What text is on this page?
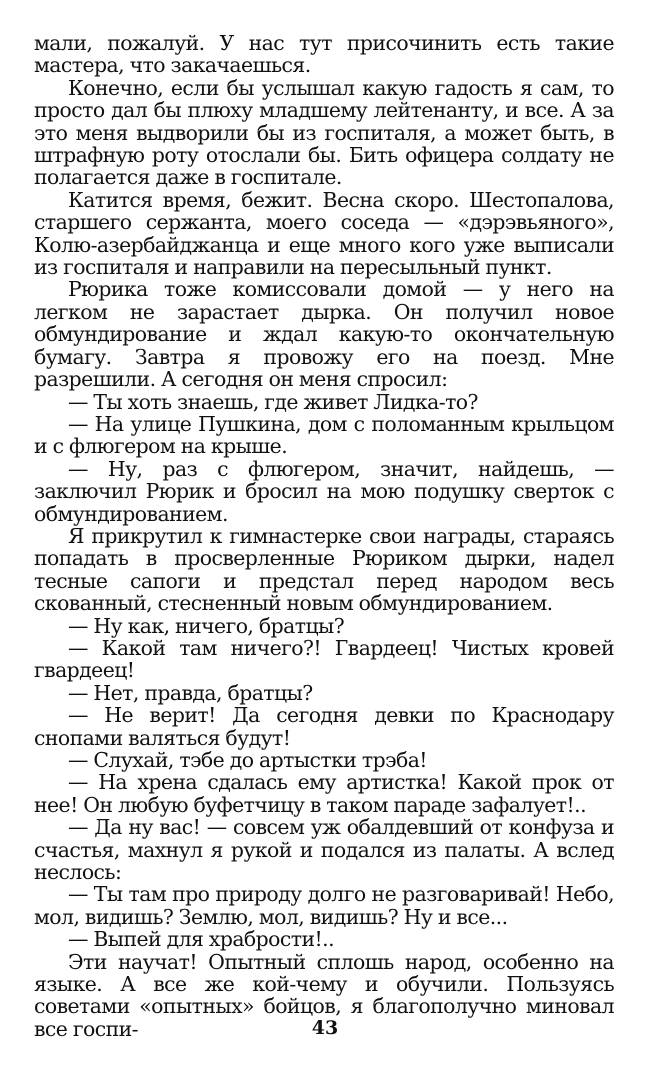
мали, пожалуй. У нас тут присочинить есть такие мастера, что закачаешься.

Конечно, если бы услышал какую гадость я сам, то просто дал бы плюху младшему лейтенанту, и все. А за это меня выдворили бы из госпиталя, а может быть, в штрафную роту отослали бы. Бить офицера солдату не полагается даже в госпитале.

Катится время, бежит. Весна скоро. Шестопалова, старшего сержанта, моего соседа — «дэрэвьяного», Колю-азербайджанца и еще много кого уже выписали из госпиталя и направили на пересыльный пункт.

Рюрика тоже комиссовали домой — у него на легком не зарастает дырка. Он получил новое обмундирование и ждал какую-то окончательную бумагу. Завтра я провожу его на поезд. Мне разрешили. А сегодня он меня спросил:

— Ты хоть знаешь, где живет Лидка-то?

— На улице Пушкина, дом с поломанным крыльцом и с флюгером на крыше.

— Ну, раз с флюгером, значит, найдешь, — заключил Рюрик и бросил на мою подушку сверток с обмундированием.

Я прикрутил к гимнастерке свои награды, стараясь попадать в просверленные Рюриком дырки, надел тесные сапоги и предстал перед народом весь скованный, стесненный новым обмундированием.

— Ну как, ничего, братцы?

— Какой там ничего?! Гвардеец! Чистых кровей гвардеец!

— Нет, правда, братцы?

— Не верит! Да сегодня девки по Краснодару снопами валяться будут!

— Слухай, тэбе до артыстки трэба!

— На хрена сдалась ему артистка! Какой прок от нее! Он любую буфетчицу в таком параде зафалует!..

— Да ну вас! — совсем уж обалдевший от конфуза и счастья, махнул я рукой и подался из палаты. А вслед неслось:

— Ты там про природу долго не разговаривай! Небо, мол, видишь? Землю, мол, видишь? Ну и все...

— Выпей для храбрости!..

Эти научат! Опытный сплошь народ, особенно на языке. А все же кой-чему и обучили. Пользуясь советами «опытных» бойцов, я благополучно миновал все госпи-	43
